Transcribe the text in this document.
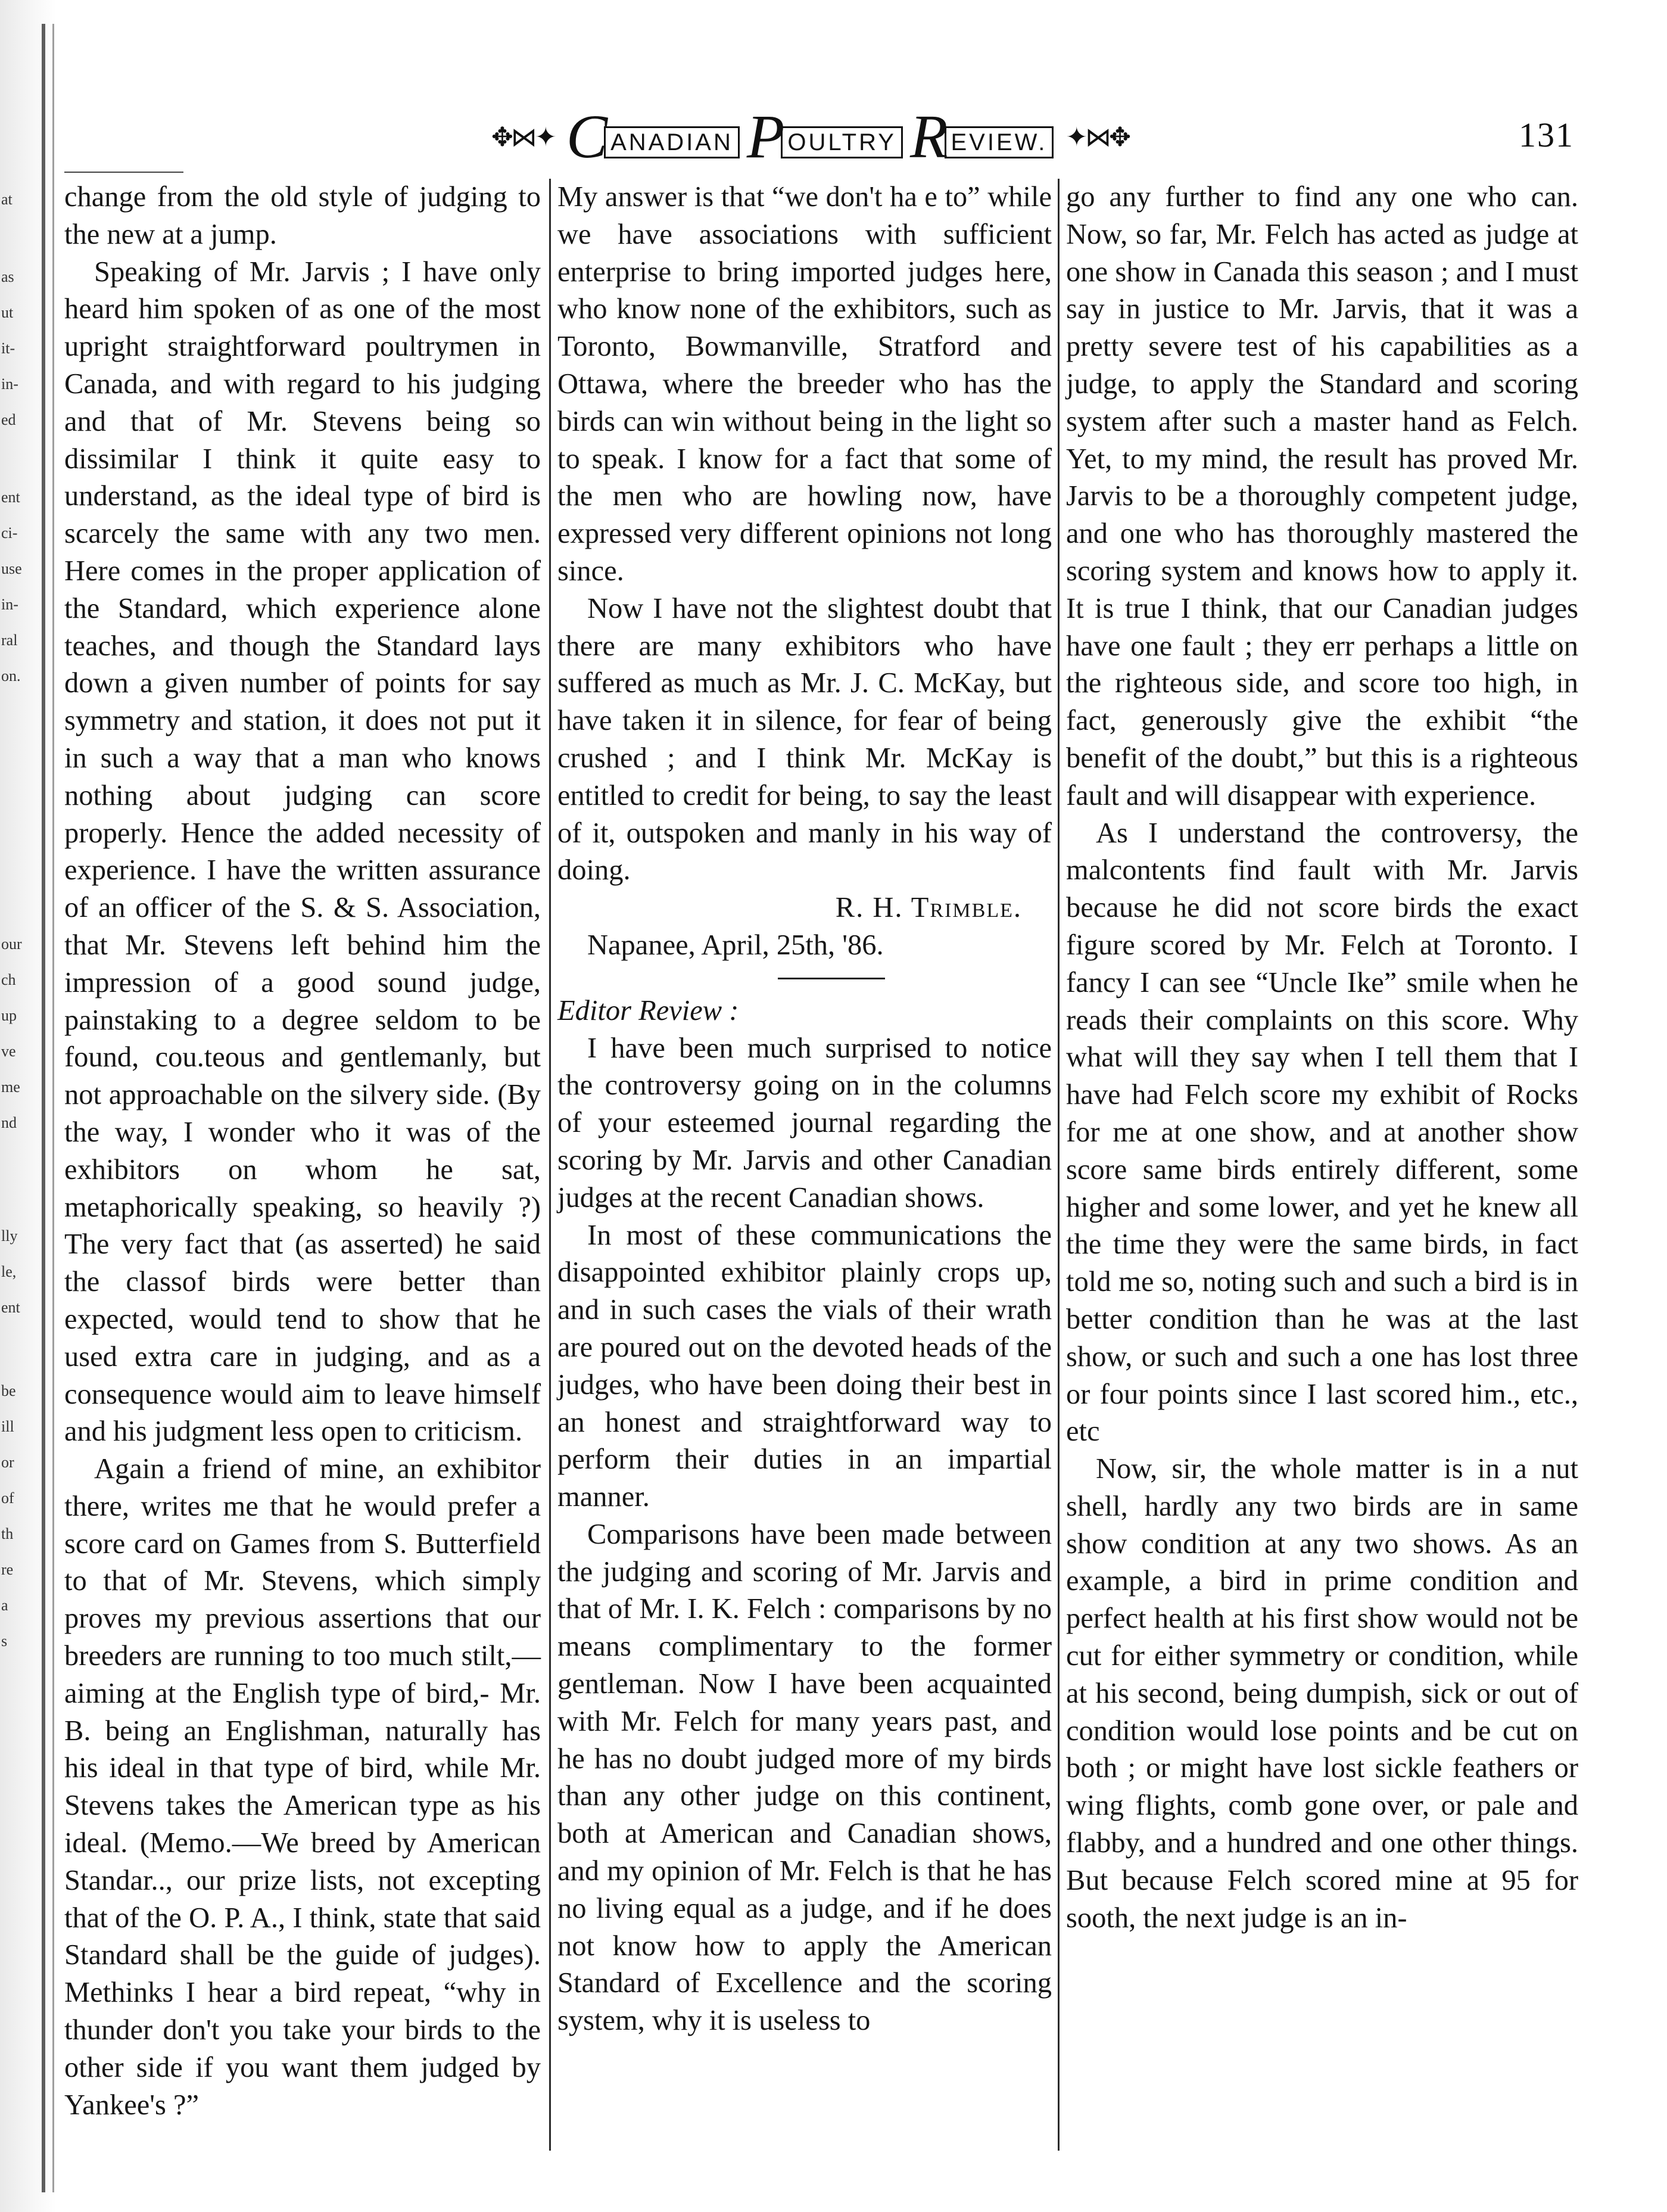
at
as
ut
it-
in-
ed
ent
ci-
use
in-
ral
on.
our
ch
up
ve
me
nd
lly
le,
ent
be
ill
or
of
th
re
a
s
✥⋈✦ C ANADIAN P OULTRY R EVIEW. ✦⋈✥	131

change from the old style of judging to the new at a jump.

Speaking of Mr. Jarvis ; I have only heard him spoken of as one of the most upright straightforward poultrymen in Canada, and with regard to his judging and that of Mr. Stevens being so dissimilar I think it quite easy to understand, as the ideal type of bird is scarcely the same with any two men. Here comes in the proper application of the Standard, which experience alone teaches, and though the Standard lays down a given number of points for say symmetry and station, it does not put it in such a way that a man who knows nothing about judging can score properly. Hence the added necessity of experience. I have the written assurance of an officer of the S. & S. Association, that Mr. Stevens left behind him the impression of a good sound judge, painstaking to a degree seldom to be found, cou.teous and gentlemanly, but not approachable on the silvery side. (By the way, I wonder who it was of the exhibitors on whom he sat, metaphorically speaking, so heavily ?) The very fact that (as asserted) he said the classof birds were better than expected, would tend to show that he used extra care in judging, and as a consequence would aim to leave himself and his judgment less open to criticism.

Again a friend of mine, an exhibitor there, writes me that he would prefer a score card on Games from S. Butterfield to that of Mr. Stevens, which simply proves my previous assertions that our breeders are running to too much stilt,—aiming at the English type of bird,- Mr. B. being an Englishman, naturally has his ideal in that type of bird, while Mr. Stevens takes the American type as his ideal. (Memo.—We breed by American Standar.., our prize lists, not excepting that of the O. P. A., I think, state that said Standard shall be the guide of judges). Methinks I hear a bird repeat, “why in thunder don't you take your birds to the other side if you want them judged by Yankee's ?”

My answer is that “we don't ha e to” while we have associations with sufficient enterprise to bring imported judges here, who know none of the exhibitors, such as Toronto, Bowmanville, Stratford and Ottawa, where the breeder who has the birds can win without being in the light so to speak. I know for a fact that some of the men who are howling now, have expressed very different opinions not long since.

Now I have not the slightest doubt that there are many exhibitors who have suffered as much as Mr. J. C. McKay, but have taken it in silence, for fear of being crushed ; and I think Mr. McKay is entitled to credit for being, to say the least of it, outspoken and manly in his way of doing.

R. H. Trimble.

Napanee, April, 25th, '86.

Editor Review :

I have been much surprised to notice the controversy going on in the columns of your esteemed journal regarding the scoring by Mr. Jarvis and other Canadian judges at the recent Canadian shows.

In most of these communications the disappointed exhibitor plainly crops up, and in such cases the vials of their wrath are poured out on the devoted heads of the judges, who have been doing their best in an honest and straightforward way to perform their duties in an impartial manner.

Comparisons have been made between the judging and scoring of Mr. Jarvis and that of Mr. I. K. Felch : comparisons by no means complimentary to the former gentleman. Now I have been acquainted with Mr. Felch for many years past, and he has no doubt judged more of my birds than any other judge on this continent, both at American and Canadian shows, and my opinion of Mr. Felch is that he has no living equal as a judge, and if he does not know how to apply the American Standard of Excellence and the scoring system, why it is useless to

go any further to find any one who can. Now, so far, Mr. Felch has acted as judge at one show in Canada this season ; and I must say in justice to Mr. Jarvis, that it was a pretty severe test of his capabilities as a judge, to apply the Standard and scoring system after such a master hand as Felch. Yet, to my mind, the result has proved Mr. Jarvis to be a thoroughly competent judge, and one who has thoroughly mastered the scoring system and knows how to apply it. It is true I think, that our Canadian judges have one fault ; they err perhaps a little on the righteous side, and score too high, in fact, generously give the exhibit “the benefit of the doubt,” but this is a righteous fault and will disappear with experience.

As I understand the controversy, the malcontents find fault with Mr. Jarvis because he did not score birds the exact figure scored by Mr. Felch at Toronto. I fancy I can see “Uncle Ike” smile when he reads their complaints on this score. Why what will they say when I tell them that I have had Felch score my exhibit of Rocks for me at one show, and at another show score same birds entirely different, some higher and some lower, and yet he knew all the time they were the same birds, in fact told me so, noting such and such a bird is in better condition than he was at the last show, or such and such a one has lost three or four points since I last scored him., etc., etc

Now, sir, the whole matter is in a nut shell, hardly any two birds are in same show condition at any two shows. As an example, a bird in prime condition and perfect health at his first show would not be cut for either symmetry or condition, while at his second, being dumpish, sick or out of condition would lose points and be cut on both ; or might have lost sickle feathers or wing flights, comb gone over, or pale and flabby, and a hundred and one other things. But because Felch scored mine at 95 for sooth, the next judge is an in-
